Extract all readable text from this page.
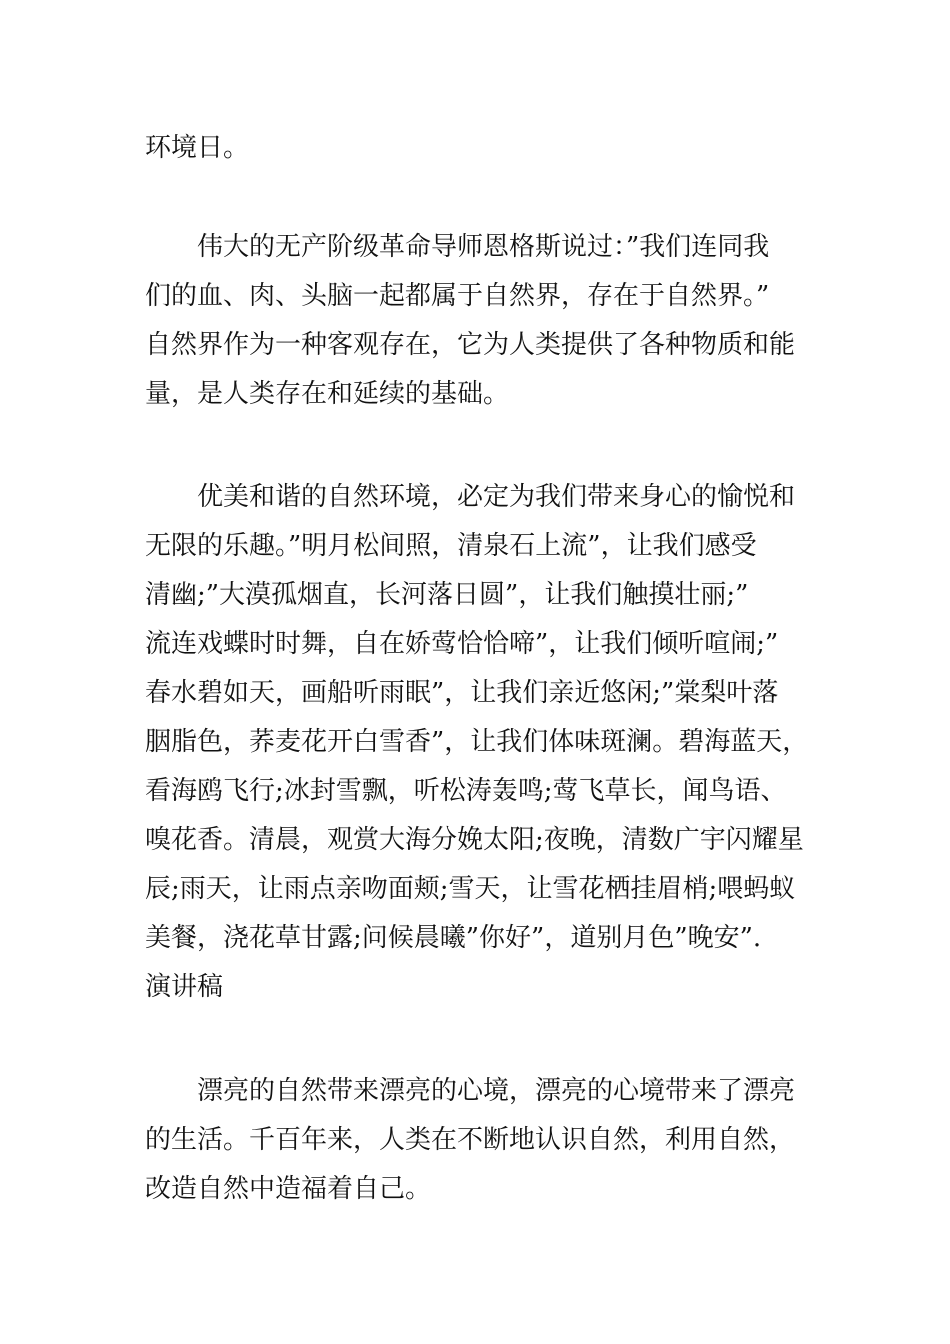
环境日。
　　伟大的无产阶级革命导师恩格斯说过：”我们连同我
们的血、肉、头脑一起都属于自然界，存在于自然界。”
自然界作为一种客观存在，它为人类提供了各种物质和能
量，是人类存在和延续的基础。
　　优美和谐的自然环境，必定为我们带来身心的愉悦和
无限的乐趣。”明月松间照，清泉石上流”，让我们感受
清幽;”大漠孤烟直，长河落日圆”，让我们触摸壮丽;”
流连戏蝶时时舞，自在娇莺恰恰啼”，让我们倾听喧闹;”
春水碧如天，画船听雨眠”，让我们亲近悠闲;”棠梨叶落
胭脂色，荞麦花开白雪香”，让我们体味斑澜。碧海蓝天，
看海鸥飞行;冰封雪飘，听松涛轰鸣;莺飞草长，闻鸟语、
嗅花香。清晨，观赏大海分娩太阳;夜晚，清数广宇闪耀星
辰;雨天，让雨点亲吻面颊;雪天，让雪花栖挂眉梢;喂蚂蚁
美餐，浇花草甘露;问候晨曦”你好”，道别月色”晚安”.
演讲稿
　　漂亮的自然带来漂亮的心境，漂亮的心境带来了漂亮
的生活。千百年来，人类在不断地认识自然，利用自然，
改造自然中造福着自己。
